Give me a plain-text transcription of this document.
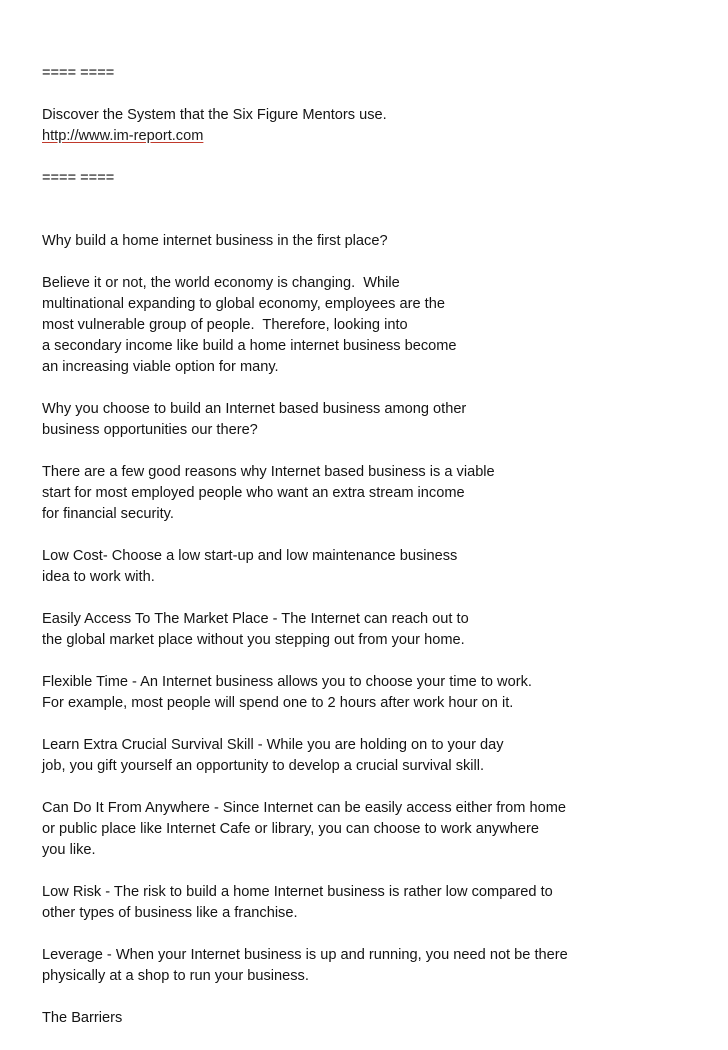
==== ====
Discover the System that the Six Figure Mentors use.
http://www.im-report.com
==== ====
Why build a home internet business in the first place?
Believe it or not, the world economy is changing.  While
multinational expanding to global economy, employees are the
most vulnerable group of people.  Therefore, looking into
a secondary income like build a home internet business become
an increasing viable option for many.
Why you choose to build an Internet based business among other
business opportunities our there?
There are a few good reasons why Internet based business is a viable
start for most employed people who want an extra stream income
for financial security.
Low Cost- Choose a low start-up and low maintenance business
idea to work with.
Easily Access To The Market Place - The Internet can reach out to
the global market place without you stepping out from your home.
Flexible Time - An Internet business allows you to choose your time to work.
For example, most people will spend one to 2 hours after work hour on it.
Learn Extra Crucial Survival Skill - While you are holding on to your day
job, you gift yourself an opportunity to develop a crucial survival skill.
Can Do It From Anywhere - Since Internet can be easily access either from home
or public place like Internet Cafe or library, you can choose to work anywhere
you like.
Low Risk - The risk to build a home Internet business is rather low compared to
other types of business like a franchise.
Leverage - When your Internet business is up and running, you need not be there
physically at a shop to run your business.
The Barriers
